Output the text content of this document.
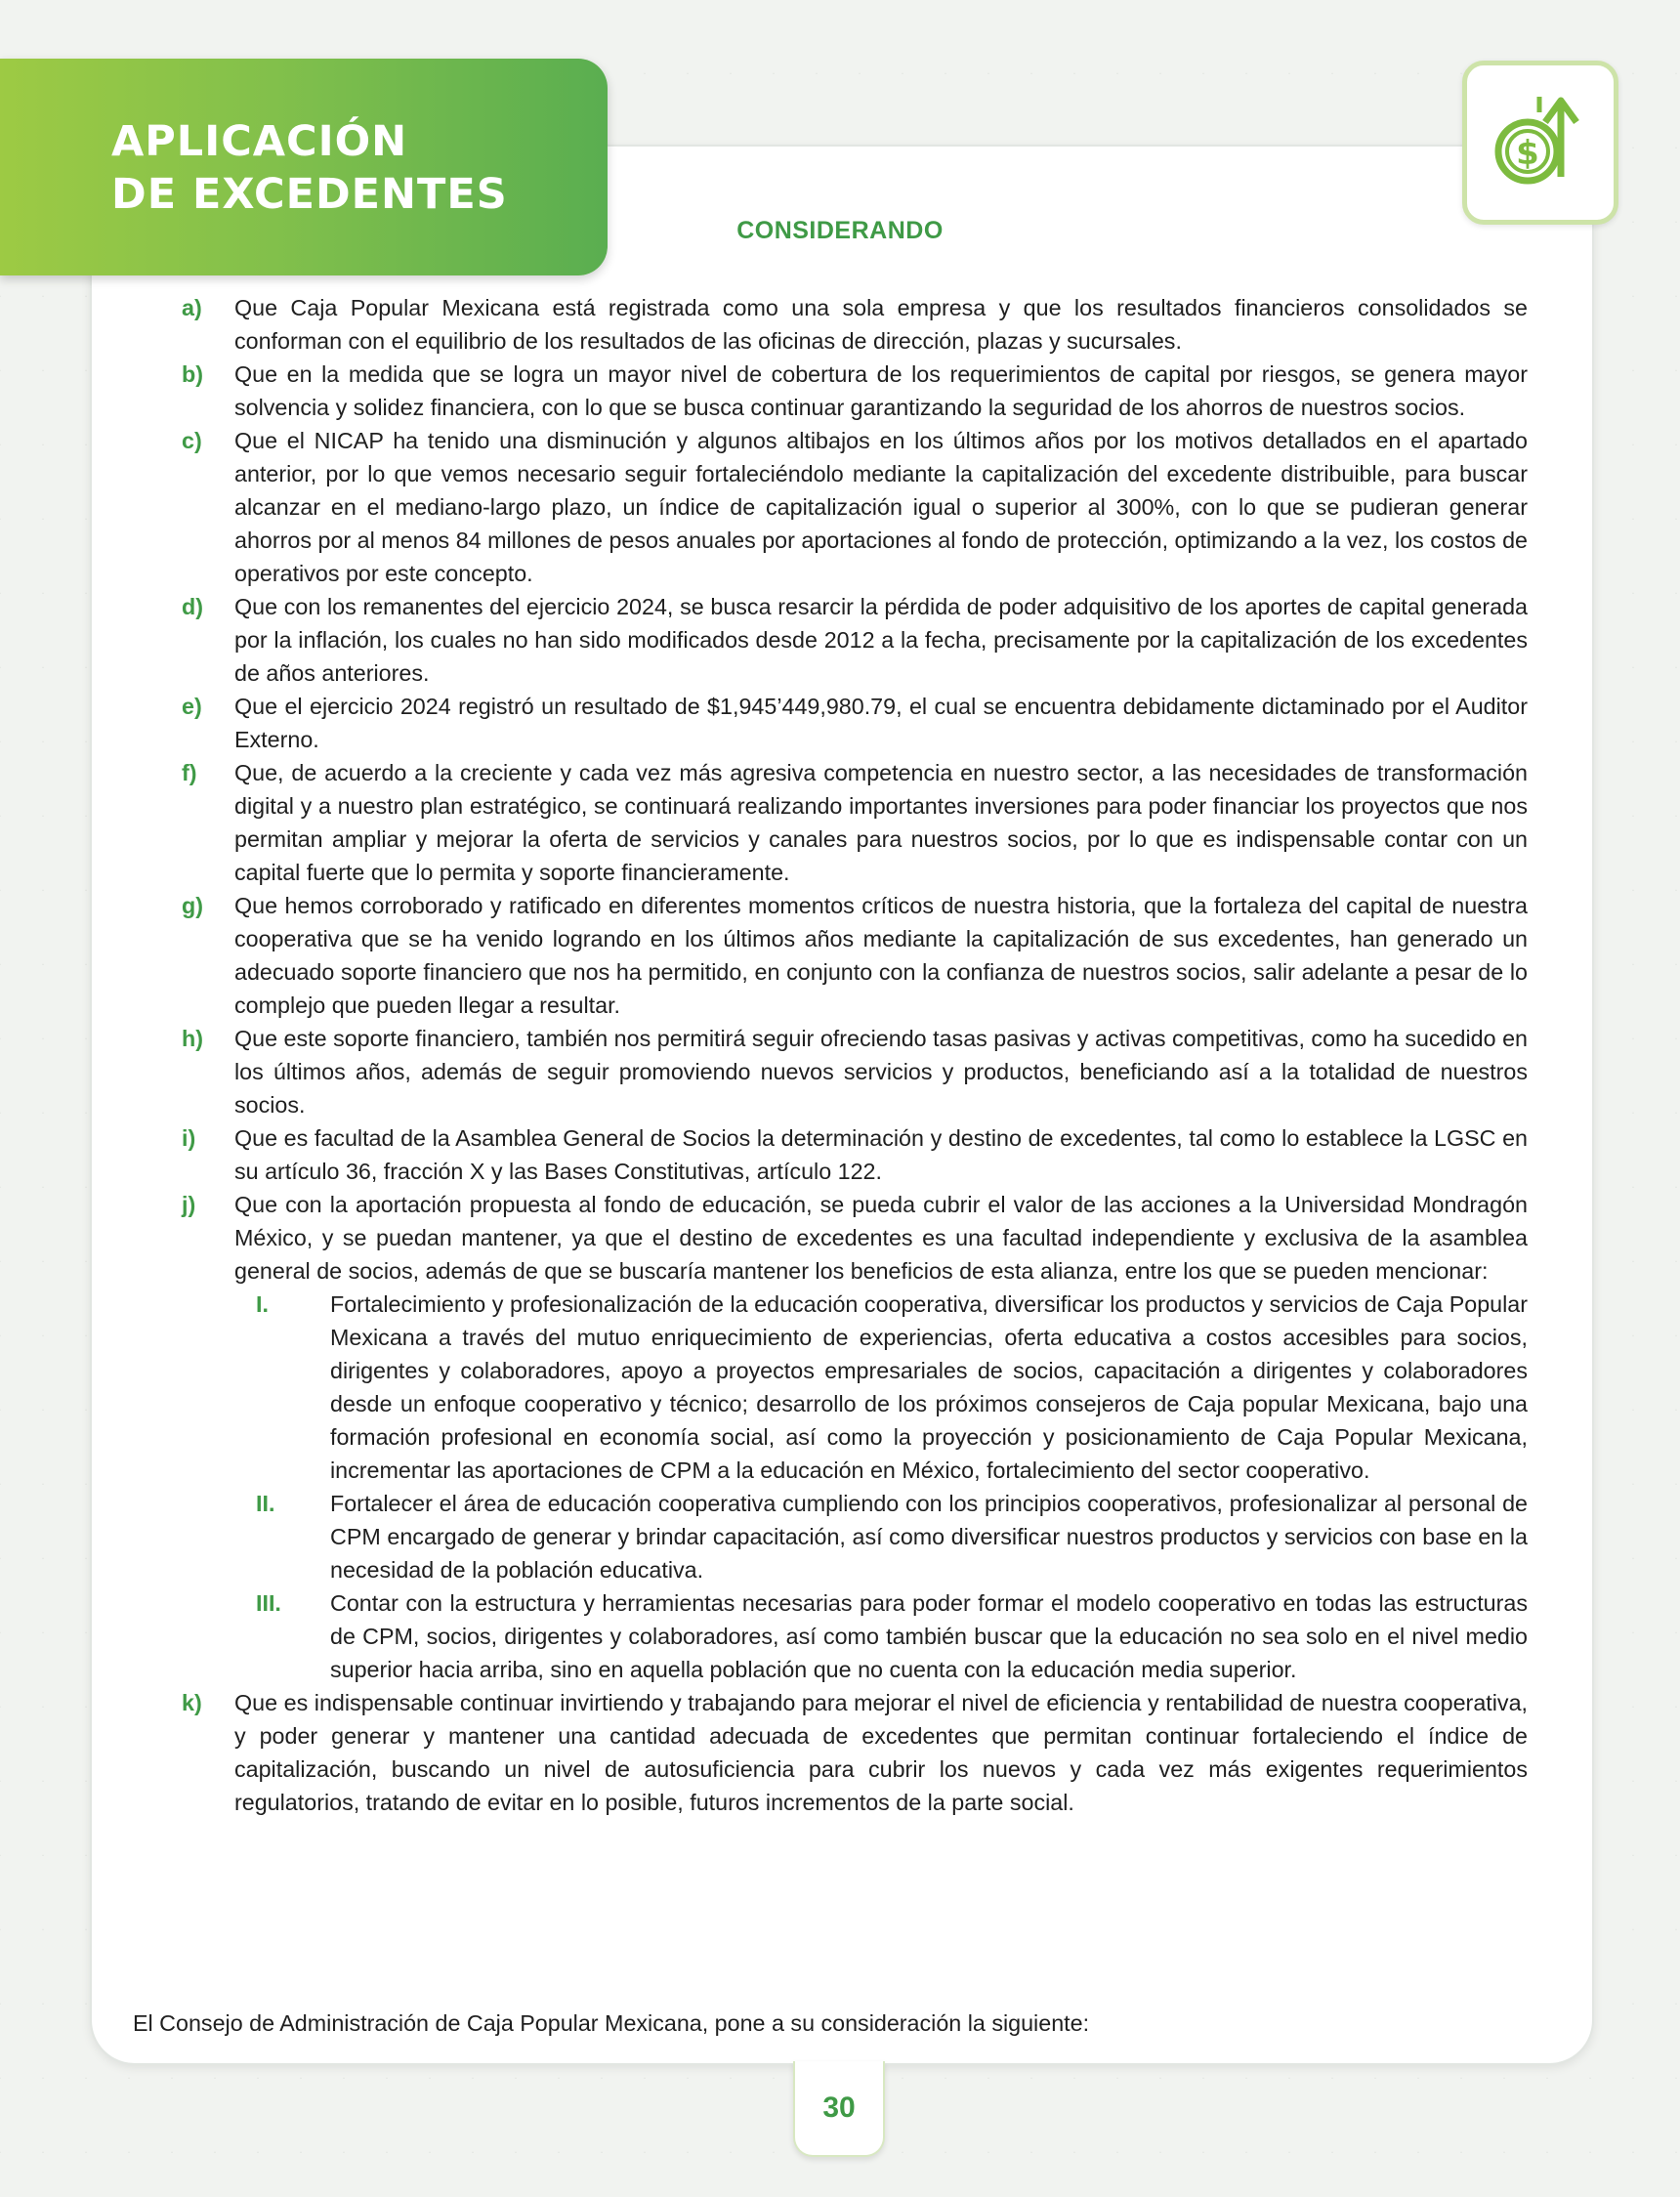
APLICACIÓN
DE EXCEDENTES
$
CONSIDERANDO
a) Que Caja Popular Mexicana está registrada como una sola empresa y que los resultados financieros consolidados se conforman con el equilibrio de los resultados de las oficinas de dirección, plazas y sucursales.
b) Que en la medida que se logra un mayor nivel de cobertura de los requerimientos de capital por riesgos, se genera mayor solvencia y solidez financiera, con lo que se busca continuar garantizando la seguridad de los ahorros de nuestros socios.
c) Que el NICAP ha tenido una disminución y algunos altibajos en los últimos años por los motivos detallados en el apartado anterior, por lo que vemos necesario seguir fortaleciéndolo mediante la capitalización del excedente distribuible, para buscar alcanzar en el mediano-largo plazo, un índice de capitalización igual o superior al 300%, con lo que se pudieran generar ahorros por al menos 84 millones de pesos anuales por aportaciones al fondo de protección, optimizando a la vez, los costos de operativos por este concepto.
d) Que con los remanentes del ejercicio 2024, se busca resarcir la pérdida de poder adquisitivo de los aportes de capital generada por la inflación, los cuales no han sido modificados desde 2012 a la fecha, precisamente por la capitalización de los excedentes de años anteriores.
e) Que el ejercicio 2024 registró un resultado de $1,945’449,980.79, el cual se encuentra debidamente dictaminado por el Auditor Externo.
f) Que, de acuerdo a la creciente y cada vez más agresiva competencia en nuestro sector, a las necesidades de transformación digital y a nuestro plan estratégico, se continuará realizando importantes inversiones para poder financiar los proyectos que nos permitan ampliar y mejorar la oferta de servicios y canales para nuestros socios, por lo que es indispensable contar con un capital fuerte que lo permita y soporte financieramente.
g) Que hemos corroborado y ratificado en diferentes momentos críticos de nuestra historia, que la fortaleza del capital de nuestra cooperativa que se ha venido logrando en los últimos años mediante la capitalización de sus excedentes, han generado un adecuado soporte financiero que nos ha permitido, en conjunto con la confianza de nuestros socios, salir adelante a pesar de lo complejo que pueden llegar a resultar.
h) Que este soporte financiero, también nos permitirá seguir ofreciendo tasas pasivas y activas competitivas, como ha sucedido en los últimos años, además de seguir promoviendo nuevos servicios y productos, beneficiando así a la totalidad de nuestros socios.
i) Que es facultad de la Asamblea General de Socios la determinación y destino de excedentes, tal como lo establece la LGSC en su artículo 36, fracción X y las Bases Constitutivas, artículo 122.
j) Que con la aportación propuesta al fondo de educación, se pueda cubrir el valor de las acciones a la Universidad Mondragón México, y se puedan mantener, ya que el destino de excedentes es una facultad independiente y exclusiva de la asamblea general de socios, además de que se buscaría mantener los beneficios de esta alianza, entre los que se pueden mencionar:
I.	Fortalecimiento y profesionalización de la educación cooperativa, diversificar los productos y servicios de Caja Popular Mexicana a través del mutuo enriquecimiento de experiencias, oferta educativa a costos accesibles para socios, dirigentes y colaboradores, apoyo a proyectos empresariales de socios, capacitación a dirigentes y colaboradores desde un enfoque cooperativo y técnico; desarrollo de los próximos consejeros de Caja popular Mexicana, bajo una formación profesional en economía social, así como la proyección y posicionamiento de Caja Popular Mexicana, incrementar las aportaciones de CPM a la educación en México, fortalecimiento del sector cooperativo.
II. Fortalecer el área de educación cooperativa cumpliendo con los principios cooperativos, profesionalizar al personal de CPM encargado de generar y brindar capacitación, así como diversificar nuestros productos y servicios con base en la necesidad de la población educativa.
III. Contar con la estructura y herramientas necesarias para poder formar el modelo cooperativo en todas las estructuras de CPM, socios, dirigentes y colaboradores, así como también buscar que la educación no sea solo en el nivel medio superior hacia arriba, sino en aquella población que no cuenta con la educación media superior.
k) Que es indispensable continuar invirtiendo y trabajando para mejorar el nivel de eficiencia y rentabilidad de nuestra cooperativa, y poder generar y mantener una cantidad adecuada de excedentes que permitan continuar fortaleciendo el índice de capitalización, buscando un nivel de autosuficiencia para cubrir los nuevos y cada vez más exigentes requerimientos regulatorios, tratando de evitar en lo posible, futuros incrementos de la parte social.

El Consejo de Administración de Caja Popular Mexicana, pone a su consideración la siguiente:

30
